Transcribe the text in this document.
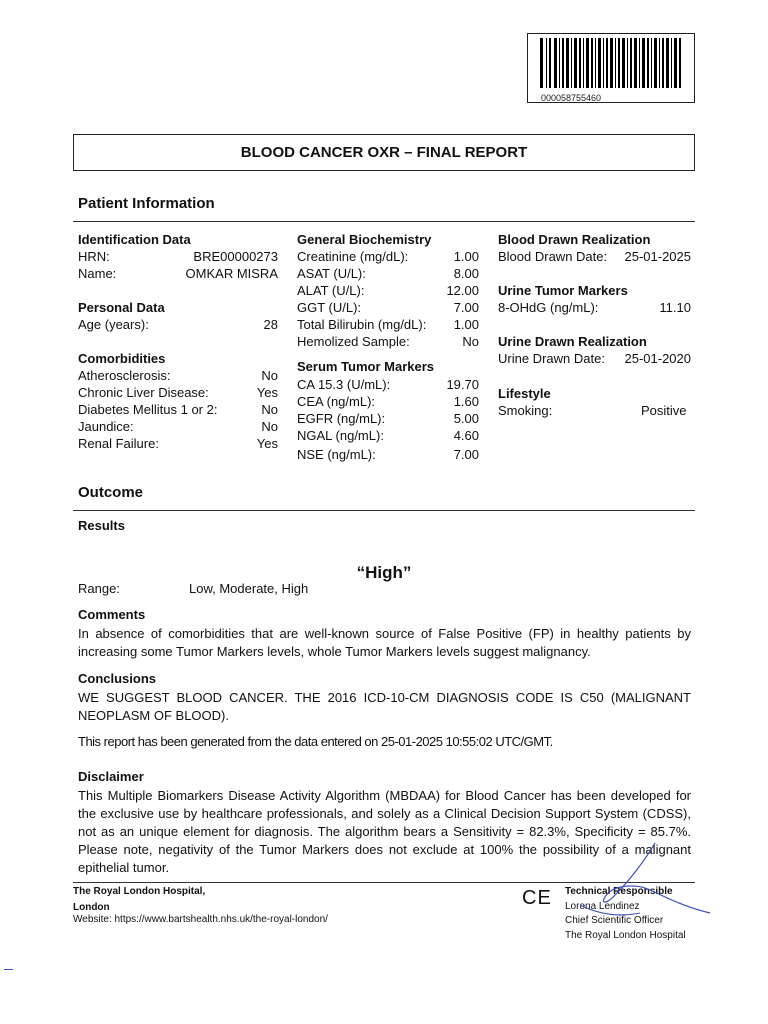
000058755460
BLOOD CANCER OXR – FINAL REPORT
Patient Information
Identification Data
HRN:	BRE00000273
Name:	OMKAR MISRA
Personal Data
Age (years):	28
Comorbidities
Atherosclerosis:	No
Chronic Liver Disease:	Yes
Diabetes Mellitus 1 or 2:	No
Jaundice:	No
Renal Failure:	Yes
General Biochemistry
Creatinine (mg/dL):	1.00
ASAT (U/L):	8.00
ALAT (U/L):	12.00
GGT (U/L):	7.00
Total Bilirubin (mg/dL): 1.00
Hemolized Sample:	No
Serum Tumor Markers
CA 15.3 (U/mL):	19.70
CEA (ng/mL):	1.60
EGFR (ng/mL):	5.00
NGAL (ng/mL):	4.60
NSE (ng/mL):	7.00
Blood Drawn Realization
Blood Drawn Date: 25-01-2025
Urine Tumor Markers
8-OHdG (ng/mL):	11.10
Urine Drawn Realization
Urine Drawn Date: 25-01-2020
Lifestyle
Smoking:	Positive
Outcome
Results
“High”
Range:	Low, Moderate, High
Comments
In absence of comorbidities that are well-known source of False Positive (FP) in healthy patients by increasing some Tumor Markers levels, whole Tumor Markers levels suggest malignancy.
Conclusions
WE SUGGEST BLOOD CANCER. THE 2016 ICD-10-CM DIAGNOSIS CODE IS C50 (MALIGNANT NEOPLASM OF BLOOD).
This report has been generated from the data entered on 25-01-2025 10:55:02 UTC/GMT.
Disclaimer
This Multiple Biomarkers Disease Activity Algorithm (MBDAA) for Blood Cancer has been developed for the exclusive use by healthcare professionals, and solely as a Clinical Decision Support System (CDSS), not as an unique element for diagnosis. The algorithm bears a Sensitivity = 82.3%, Specificity = 85.7%. Please note, negativity of the Tumor Markers does not exclude at 100% the possibility of a malignant epithelial tumor.
The Royal London Hospital,
London
Website: https://www.bartshealth.nhs.uk/the-royal-london/
CE Technical Responsible
Lorena Lendinez
Chief Scientific Officer
The Royal London Hospital
